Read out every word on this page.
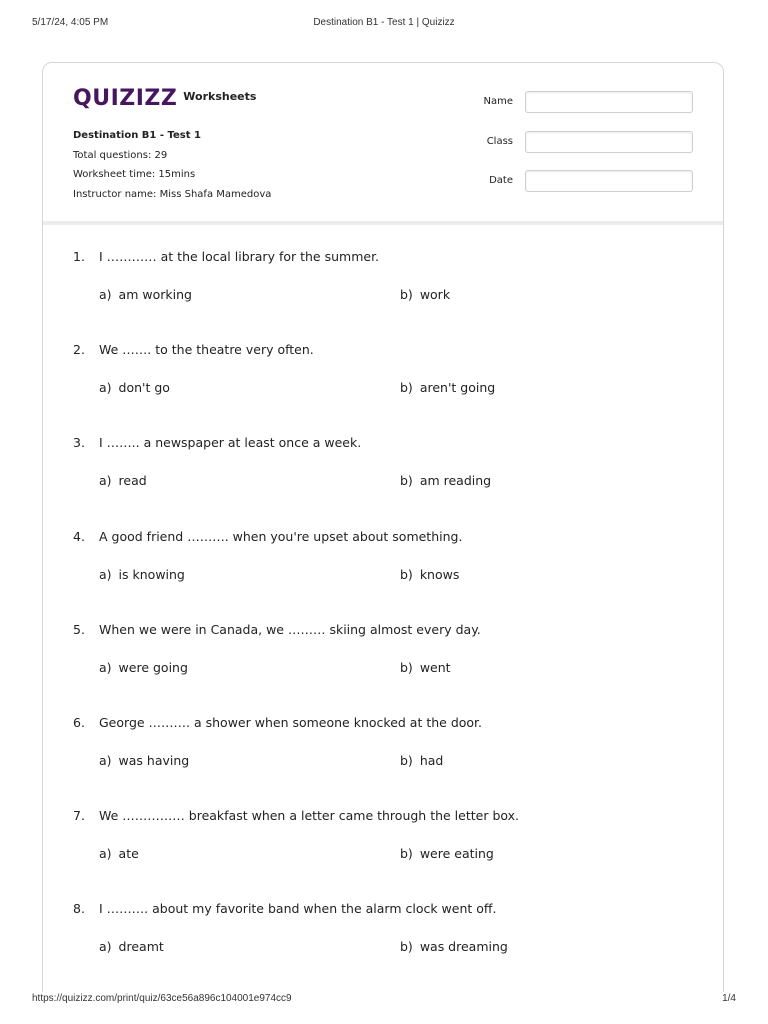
5/17/24, 4:05 PM	Destination B1 - Test 1 | Quizizz
QUIZIZZ Worksheets
Destination B1 - Test 1
Total questions: 29
Worksheet time: 15mins
Instructor name: Miss Shafa Mamedova
Name
Class
Date
1. I ………… at the local library for the summer.
a) am working	b) work
2. We ……. to the theatre very often.
a) don't go	b) aren't going
3. I …….. a newspaper at least once a week.
a) read	b) am reading
4. A good friend ………. when you're upset about something.
a) is knowing	b) knows
5. When we were in Canada, we ……… skiing almost every day.
a) were going	b) went
6. George ………. a shower when someone knocked at the door.
a) was having	b) had
7. We …………… breakfast when a letter came through the letter box.
a) ate	b) were eating
8. I ………. about my favorite band when the alarm clock went off.
a) dreamt	b) was dreaming
https://quizizz.com/print/quiz/63ce56a896c104001e974cc9	1/4
